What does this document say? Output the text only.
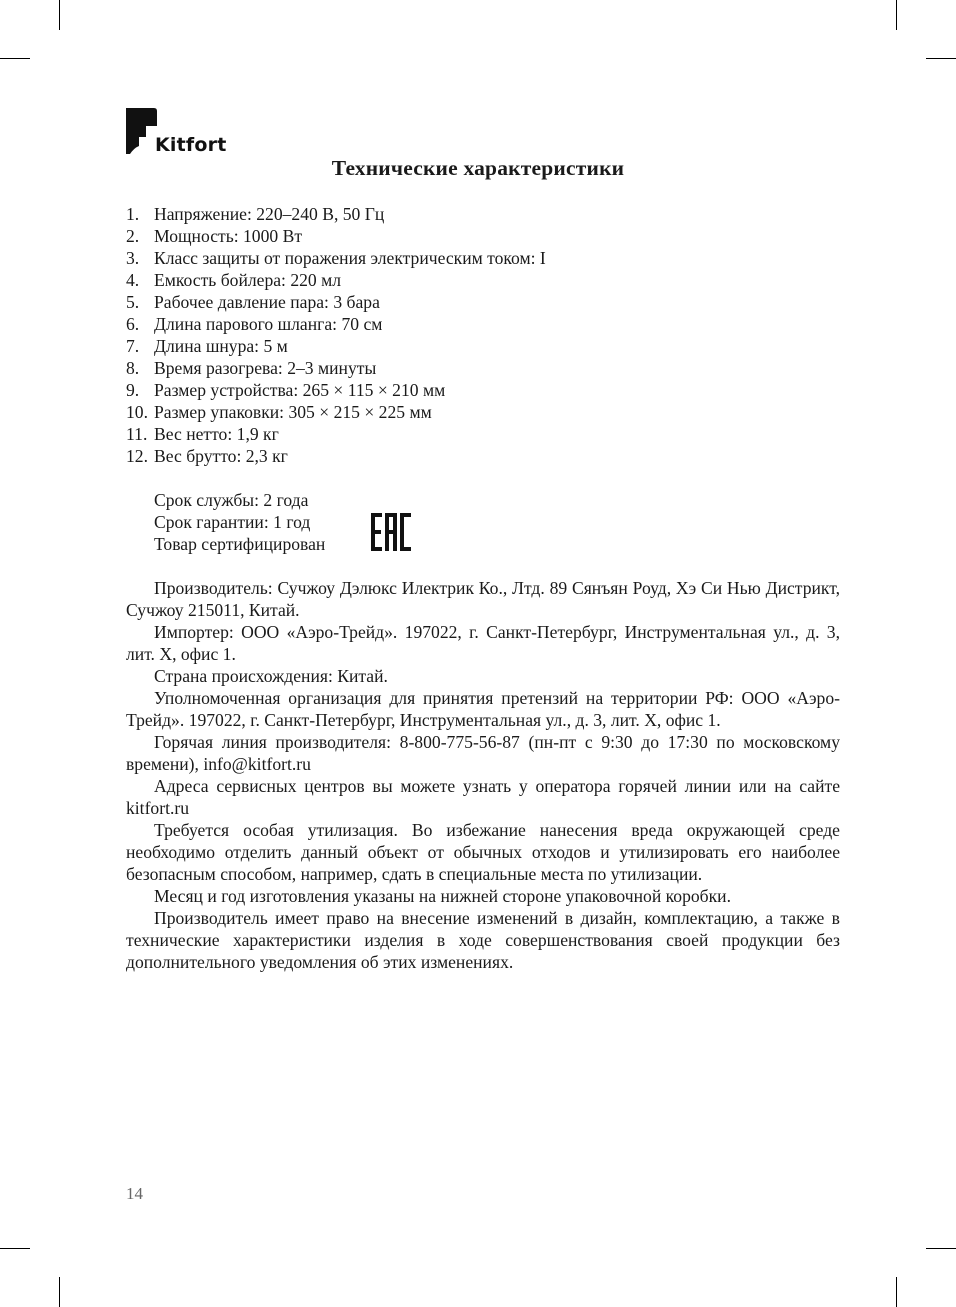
Kitfort
Технические характеристики
1. Напряжение: 220–240 В, 50 Гц
2. Мощность: 1000 Вт
3. Класс защиты от поражения электрическим током: I
4. Емкость бойлера: 220 мл
5. Рабочее давление пара: 3 бара
6. Длина парового шланга: 70 см
7. Длина шнура: 5 м
8. Время разогрева: 2–3 минуты
9. Размер устройства: 265 × 115 × 210 мм
10. Размер упаковки: 305 × 215 × 225 мм
11. Вес нетто: 1,9 кг
12. Вес брутто: 2,3 кг
Срок службы: 2 года
Срок гарантии: 1 год
Товар сертифицирован

Производитель: Сучжоу Дэлюкс Илектрик Ко., Лтд. 89 Сянъян Роуд, Хэ Си Нью Дистрикт, Сучжоу 215011, Китай.

Импортер: ООО «Аэро-Трейд». 197022, г. Санкт-Петербург, Инструментальная ул., д. 3, лит. Х, офис 1.

Страна происхождения: Китай.

Уполномоченная организация для принятия претензий на территории РФ: ООО «Аэро-Трейд». 197022, г. Санкт-Петербург, Инструментальная ул., д. 3, лит. Х, офис 1.

Горячая линия производителя: 8-800-775-56-87 (пн-пт с 9:30 до 17:30 по московскому времени), info@kitfort.ru

Адреса сервисных центров вы можете узнать у оператора горячей линии или на сайте kitfort.ru

Требуется особая утилизация. Во избежание нанесения вреда окружающей среде необходимо отделить данный объект от обычных отходов и утилизировать его наиболее безопасным способом, например, сдать в специальные места по утилизации.

Месяц и год изготовления указаны на нижней стороне упаковочной коробки.

Производитель имеет право на внесение изменений в дизайн, комплектацию, а также в технические характеристики изделия в ходе совершенствования своей продукции без дополнительного уведомления об этих изменениях.

14
